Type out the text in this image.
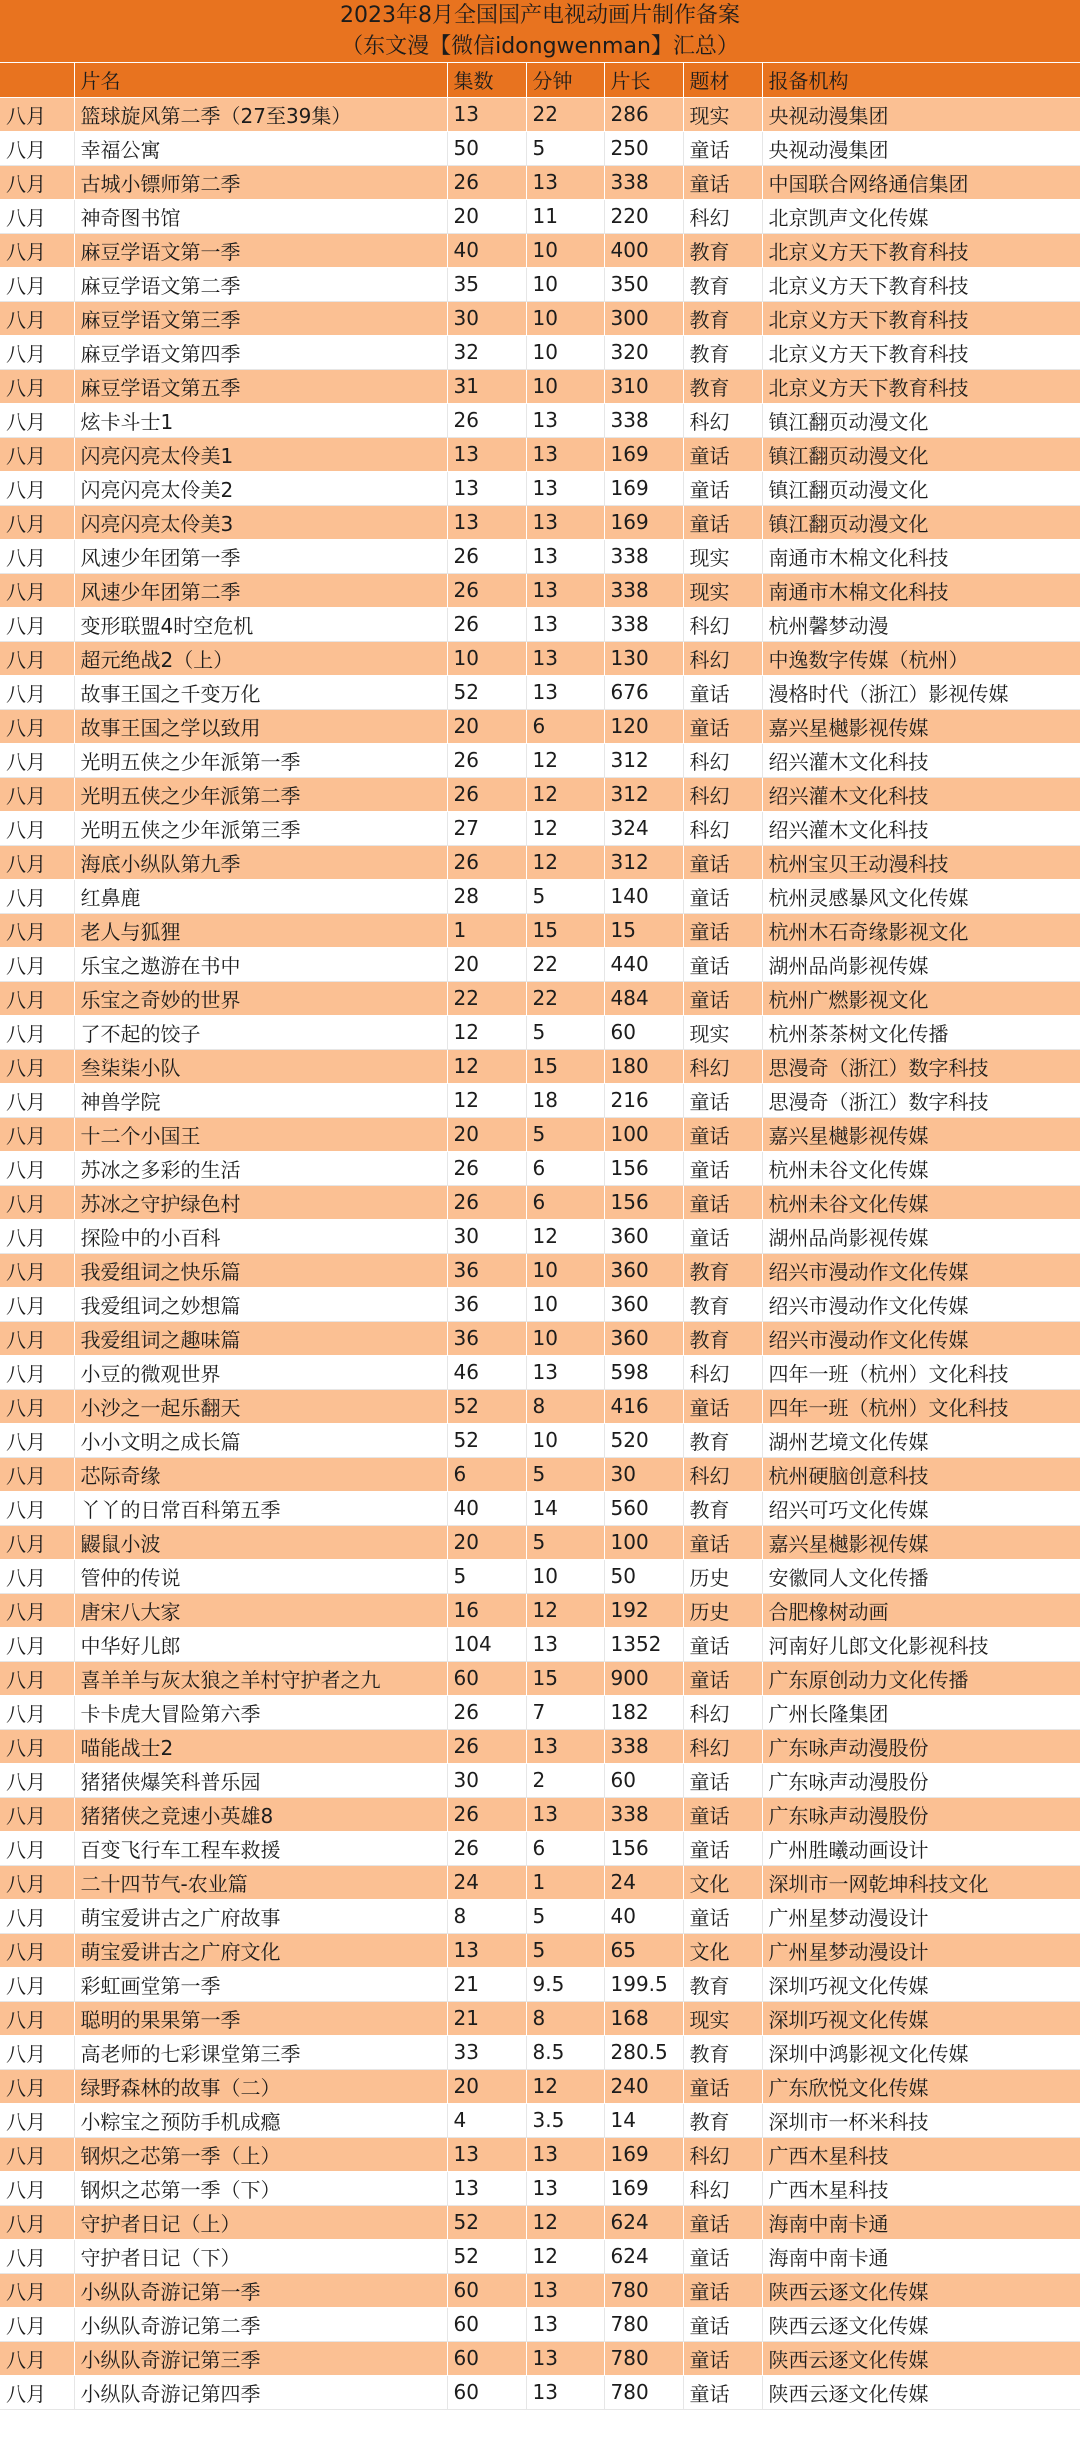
2023年8月全国国产电视动画片制作备案
（东文漫【微信idongwenman】汇总）
	片名	集数	分钟	片长	题材	报备机构
八月	篮球旋风第二季（27至39集）	13	22	286	现实	央视动漫集团
八月	幸福公寓	50	5	250	童话	央视动漫集团
八月	古城小镖师第二季	26	13	338	童话	中国联合网络通信集团
八月	神奇图书馆	20	11	220	科幻	北京凯声文化传媒
八月	麻豆学语文第一季	40	10	400	教育	北京义方天下教育科技
八月	麻豆学语文第二季	35	10	350	教育	北京义方天下教育科技
八月	麻豆学语文第三季	30	10	300	教育	北京义方天下教育科技
八月	麻豆学语文第四季	32	10	320	教育	北京义方天下教育科技
八月	麻豆学语文第五季	31	10	310	教育	北京义方天下教育科技
八月	炫卡斗士1	26	13	338	科幻	镇江翻页动漫文化
八月	闪亮闪亮太伶美1	13	13	169	童话	镇江翻页动漫文化
八月	闪亮闪亮太伶美2	13	13	169	童话	镇江翻页动漫文化
八月	闪亮闪亮太伶美3	13	13	169	童话	镇江翻页动漫文化
八月	风速少年团第一季	26	13	338	现实	南通市木棉文化科技
八月	风速少年团第二季	26	13	338	现实	南通市木棉文化科技
八月	变形联盟4时空危机	26	13	338	科幻	杭州馨梦动漫
八月	超元绝战2（上）	10	13	130	科幻	中逸数字传媒（杭州）
八月	故事王国之千变万化	52	13	676	童话	漫格时代（浙江）影视传媒
八月	故事王国之学以致用	20	6	120	童话	嘉兴星樾影视传媒
八月	光明五侠之少年派第一季	26	12	312	科幻	绍兴灌木文化科技
八月	光明五侠之少年派第二季	26	12	312	科幻	绍兴灌木文化科技
八月	光明五侠之少年派第三季	27	12	324	科幻	绍兴灌木文化科技
八月	海底小纵队第九季	26	12	312	童话	杭州宝贝王动漫科技
八月	红鼻鹿	28	5	140	童话	杭州灵感暴风文化传媒
八月	老人与狐狸	1	15	15	童话	杭州木石奇缘影视文化
八月	乐宝之遨游在书中	20	22	440	童话	湖州品尚影视传媒
八月	乐宝之奇妙的世界	22	22	484	童话	杭州广燃影视文化
八月	了不起的饺子	12	5	60	现实	杭州茶茶树文化传播
八月	叁柒柒小队	12	15	180	科幻	思漫奇（浙江）数字科技
八月	神兽学院	12	18	216	童话	思漫奇（浙江）数字科技
八月	十二个小国王	20	5	100	童话	嘉兴星樾影视传媒
八月	苏冰之多彩的生活	26	6	156	童话	杭州未谷文化传媒
八月	苏冰之守护绿色村	26	6	156	童话	杭州未谷文化传媒
八月	探险中的小百科	30	12	360	童话	湖州品尚影视传媒
八月	我爱组词之快乐篇	36	10	360	教育	绍兴市漫动作文化传媒
八月	我爱组词之妙想篇	36	10	360	教育	绍兴市漫动作文化传媒
八月	我爱组词之趣味篇	36	10	360	教育	绍兴市漫动作文化传媒
八月	小豆的微观世界	46	13	598	科幻	四年一班（杭州）文化科技
八月	小沙之一起乐翻天	52	8	416	童话	四年一班（杭州）文化科技
八月	小小文明之成长篇	52	10	520	教育	湖州艺境文化传媒
八月	芯际奇缘	6	5	30	科幻	杭州硬脑创意科技
八月	丫丫的日常百科第五季	40	14	560	教育	绍兴可巧文化传媒
八月	鼹鼠小波	20	5	100	童话	嘉兴星樾影视传媒
八月	管仲的传说	5	10	50	历史	安徽同人文化传播
八月	唐宋八大家	16	12	192	历史	合肥橡树动画
八月	中华好儿郎	104	13	1352	童话	河南好儿郎文化影视科技
八月	喜羊羊与灰太狼之羊村守护者之九	60	15	900	童话	广东原创动力文化传播
八月	卡卡虎大冒险第六季	26	7	182	科幻	广州长隆集团
八月	喵能战士2	26	13	338	科幻	广东咏声动漫股份
八月	猪猪侠爆笑科普乐园	30	2	60	童话	广东咏声动漫股份
八月	猪猪侠之竞速小英雄8	26	13	338	童话	广东咏声动漫股份
八月	百变飞行车工程车救援	26	6	156	童话	广州胜曦动画设计
八月	二十四节气-农业篇	24	1	24	文化	深圳市一网乾坤科技文化
八月	萌宝爱讲古之广府故事	8	5	40	童话	广州星梦动漫设计
八月	萌宝爱讲古之广府文化	13	5	65	文化	广州星梦动漫设计
八月	彩虹画堂第一季	21	9.5	199.5	教育	深圳巧视文化传媒
八月	聪明的果果第一季	21	8	168	现实	深圳巧视文化传媒
八月	高老师的七彩课堂第三季	33	8.5	280.5	教育	深圳中鸿影视文化传媒
八月	绿野森林的故事（二）	20	12	240	童话	广东欣悦文化传媒
八月	小粽宝之预防手机成瘾	4	3.5	14	教育	深圳市一杯米科技
八月	钢炽之芯第一季（上）	13	13	169	科幻	广西木星科技
八月	钢炽之芯第一季（下）	13	13	169	科幻	广西木星科技
八月	守护者日记（上）	52	12	624	童话	海南中南卡通
八月	守护者日记（下）	52	12	624	童话	海南中南卡通
八月	小纵队奇游记第一季	60	13	780	童话	陕西云逐文化传媒
八月	小纵队奇游记第二季	60	13	780	童话	陕西云逐文化传媒
八月	小纵队奇游记第三季	60	13	780	童话	陕西云逐文化传媒
八月	小纵队奇游记第四季	60	13	780	童话	陕西云逐文化传媒
